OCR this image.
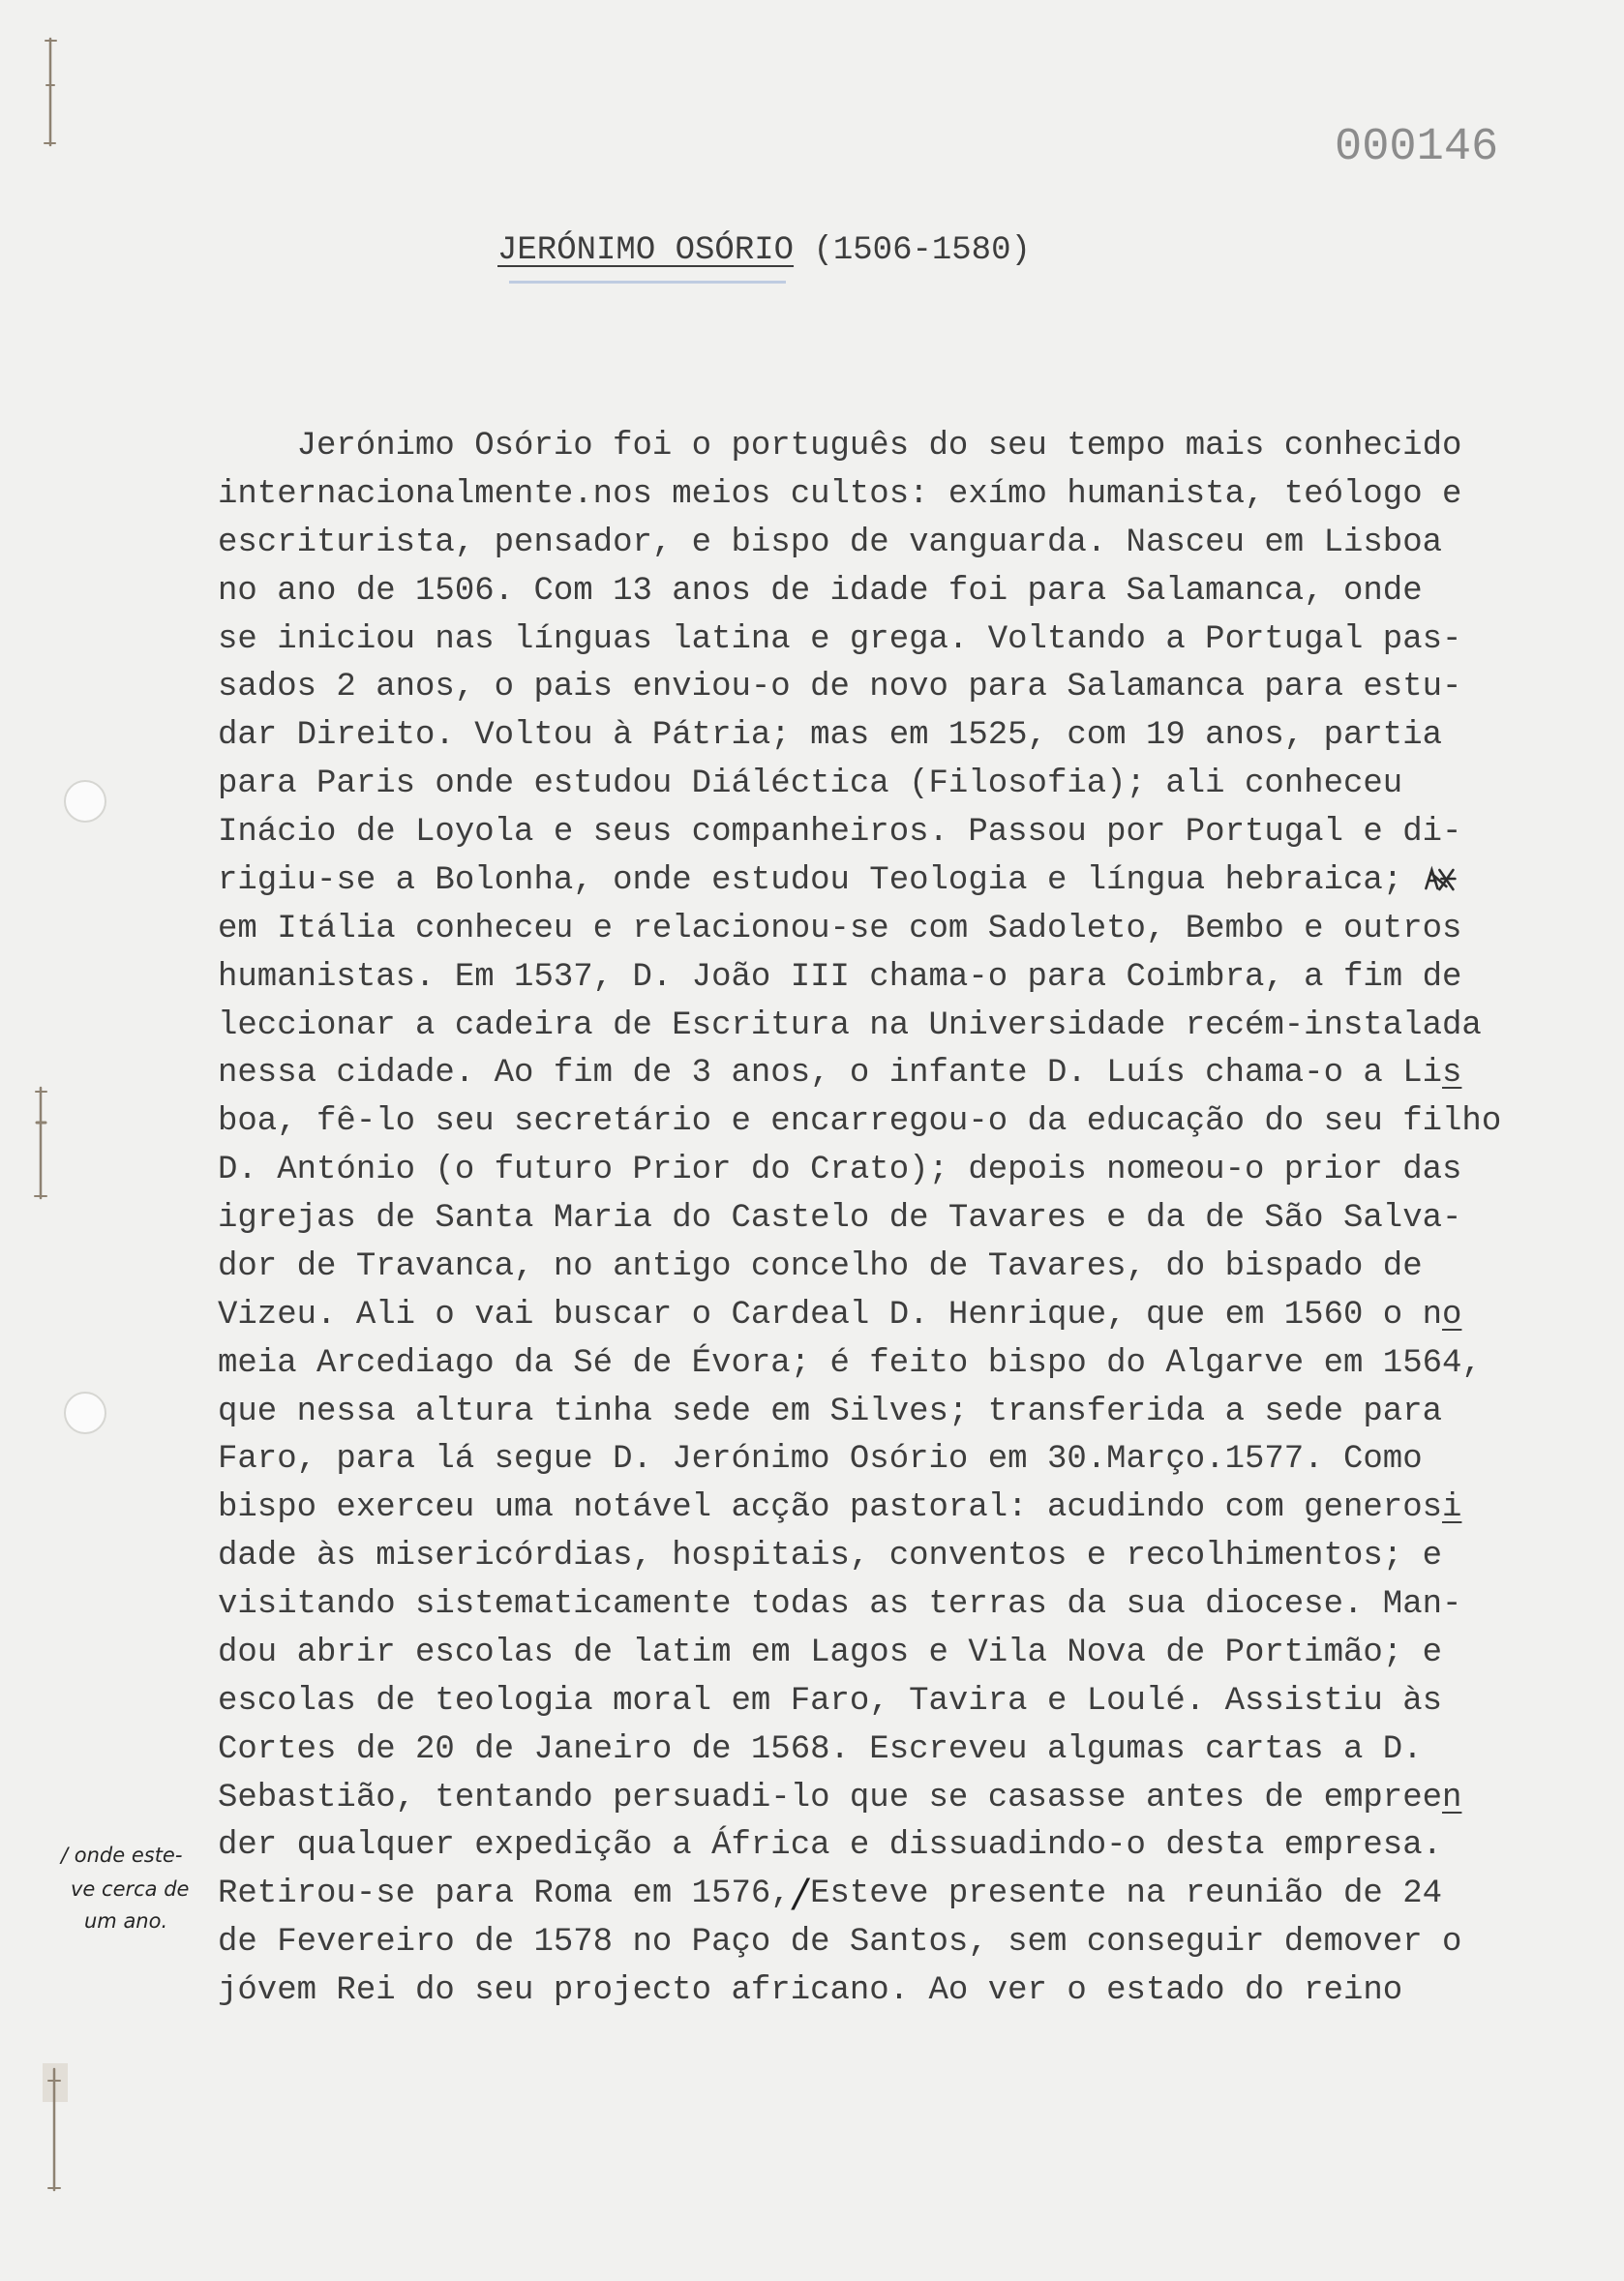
000146
JERÓNIMO OSÓRIO (1506-1580)
Jerónimo Osório foi o português do seu tempo mais conhecido
internacionalmente.nos meios cultos: exímo humanista, teólogo e
escriturista, pensador, e bispo de vanguarda. Nasceu em Lisboa
no ano de 1506. Com 13 anos de idade foi para Salamanca, onde
se iniciou nas línguas latina e grega. Voltando a Portugal pas-
sados 2 anos, o pais enviou-o de novo para Salamanca para estu-
dar Direito. Voltou à Pátria; mas em 1525, com 19 anos, partia
para Paris onde estudou Diáléctica (Filosofia); ali conheceu
Inácio de Loyola e seus companheiros. Passou por Portugal e di-
rigiu-se a Bolonha, onde estudou Teologia e língua hebraica;
em Itália conheceu e relacionou-se com Sadoleto, Bembo e outros
humanistas. Em 1537, D. João III chama-o para Coimbra, a fim de
leccionar a cadeira de Escritura na Universidade recém-instalada
nessa cidade. Ao fim de 3 anos, o infante D. Luís chama-o a Lis
boa, fê-lo seu secretário e encarregou-o da educação do seu filho
D. António (o futuro Prior do Crato); depois nomeou-o prior das
igrejas de Santa Maria do Castelo de Tavares e da de São Salva-
dor de Travanca, no antigo concelho de Tavares, do bispado de
Vizeu. Ali o vai buscar o Cardeal D. Henrique, que em 1560 o no
meia Arcediago da Sé de Évora; é feito bispo do Algarve em 1564,
que nessa altura tinha sede em Silves; transferida a sede para
Faro, para lá segue D. Jerónimo Osório em 30.Março.1577. Como
bispo exerceu uma notável acção pastoral: acudindo com generosi
dade às misericórdias, hospitais, conventos e recolhimentos; e
visitando sistematicamente todas as terras da sua diocese. Man-
dou abrir escolas de latim em Lagos e Vila Nova de Portimão; e
escolas de teologia moral em Faro, Tavira e Loulé. Assistiu às
Cortes de 20 de Janeiro de 1568. Escreveu algumas cartas a D.
Sebastião, tentando persuadi-lo que se casasse antes de empreen
der qualquer expedição a África e dissuadindo-o desta empresa.
Retirou-se para Roma em 1576,/ Esteve presente na reunião de 24
de Fevereiro de 1578 no Paço de Santos, sem conseguir demover o
jóvem Rei do seu projecto africano. Ao ver o estado do reino
/ onde este-
ve cerca de
um ano.
